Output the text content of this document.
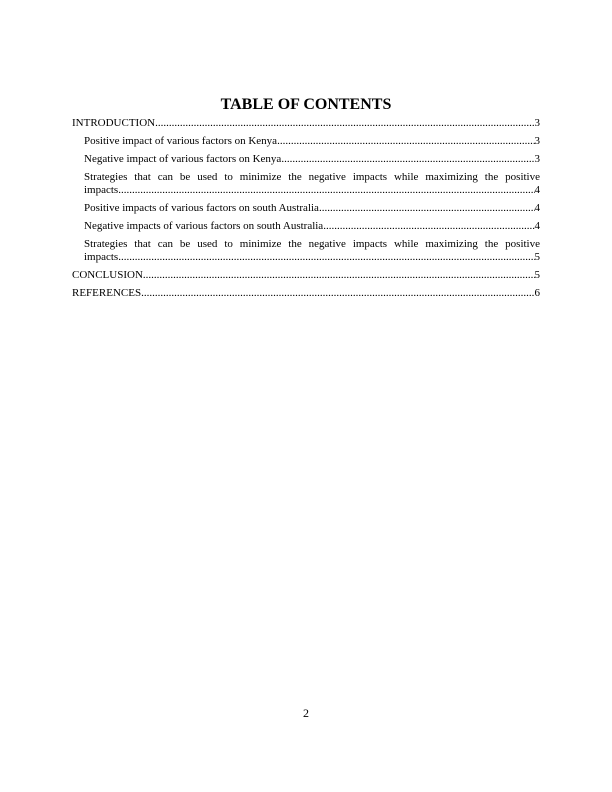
TABLE OF CONTENTS
INTRODUCTION .....	3
Positive impact of various factors on Kenya .....	3
Negative impact of various factors on Kenya .....	3
Strategies that can be used to minimize the negative impacts while maximizing the positive
impacts .....	4
Positive impacts of various factors on south Australia .....	4
Negative impacts of various factors on south Australia .....	4
Strategies that can be used to minimize the negative impacts while maximizing the positive
impacts .....	5
CONCLUSION .....	5
REFERENCES .....	6
2
